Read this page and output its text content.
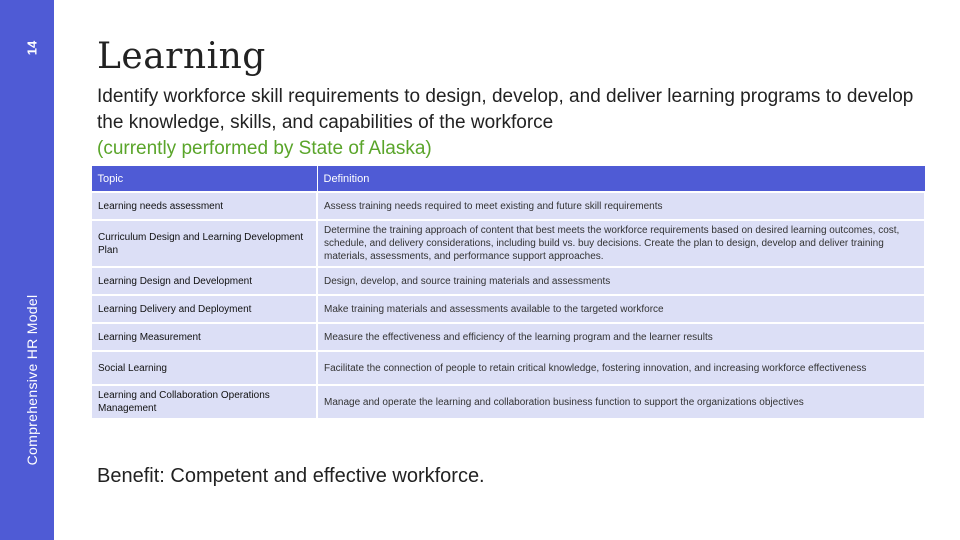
14
Comprehensive HR Model
Learning
Identify workforce skill requirements to design, develop, and deliver learning programs to develop the knowledge, skills, and capabilities of the workforce
(currently performed by State of Alaska)
Topic	Definition
Learning needs assessment	Assess training needs required to meet existing and future skill requirements
Curriculum Design and Learning Development Plan	Determine the training approach of content that best meets the workforce requirements based on desired learning outcomes, cost, schedule, and delivery considerations, including build vs. buy decisions. Create the plan to design, develop and deliver training materials, assessments, and performance support approaches.
Learning Design and Development	Design, develop, and source training materials and assessments
Learning Delivery and Deployment	Make training materials and assessments available to the targeted workforce
Learning Measurement	Measure the effectiveness and efficiency of the learning program and the learner results
Social Learning	Facilitate the connection of people to retain critical knowledge, fostering innovation, and increasing workforce effectiveness
Learning and Collaboration Operations Management	Manage and operate the learning and collaboration business function to support the organizations objectives
Benefit: Competent and effective workforce.
